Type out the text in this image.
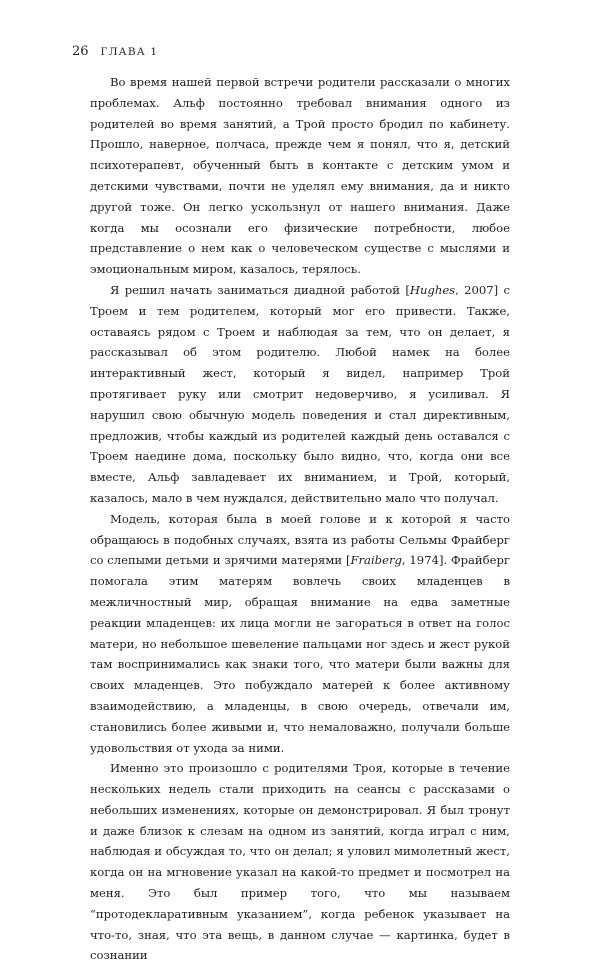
26 ГЛАВА 1

Во время нашей первой встречи родители рассказали о многих проблемах. Альф постоянно требовал внимания одного из родителей во время занятий, а Трой просто бродил по кабинету. Прошло, наверное, полчаса, прежде чем я понял, что я, детский психотерапевт, обученный быть в контакте с детским умом и детскими чувствами, почти не уделял ему внимания, да и никто другой тоже. Он легко ускользнул от нашего внимания. Даже когда мы осознали его физические потребности, любое представление о нем как о человеческом существе с мыслями и эмоциональным миром, казалось, терялось.

Я решил начать заниматься диадной работой [Hughes, 2007] с Троем и тем родителем, который мог его привести. Также, оставаясь рядом с Троем и наблюдая за тем, что он делает, я рассказывал об этом родителю. Любой намек на более интерактивный жест, который я видел, например Трой протягивает руку или смотрит недоверчиво, я усиливал. Я нарушил свою обычную модель поведения и стал директивным, предложив, чтобы каждый из родителей каждый день оставался с Троем наедине дома, поскольку было видно, что, когда они все вместе, Альф завладевает их вниманием, и Трой, который, казалось, мало в чем нуждался, действительно мало что получал.

Модель, которая была в моей голове и к которой я часто обращаюсь в подобных случаях, взята из работы Сельмы Фрайберг со слепыми детьми и зрячими матерями [Fraiberg, 1974]. Фрайберг помогала этим матерям вовлечь своих младенцев в межличностный мир, обращая внимание на едва заметные реакции младенцев: их лица могли не загораться в ответ на голос матери, но небольшое шевеление пальцами ног здесь и жест рукой там воспринимались как знаки того, что матери были важны для своих младенцев. Это побуждало матерей к более активному взаимодействию, а младенцы, в свою очередь, отвечали им, становились более живыми и, что немаловажно, получали больше удовольствия от ухода за ними.

Именно это произошло с родителями Троя, которые в течение нескольких недель стали приходить на сеансы с рассказами о небольших изменениях, которые он демонстрировал. Я был тронут и даже близок к слезам на одном из занятий, когда играл с ним, наблюдая и обсуждая то, что он делал; я уловил мимолетный жест, когда он на мгновение указал на какой-то предмет и посмотрел на меня. Это был пример того, что мы называем “протодекларативным указанием”, когда ребенок указывает на что-то, зная, что эта вещь, в данном случае — картинка, будет в сознании
